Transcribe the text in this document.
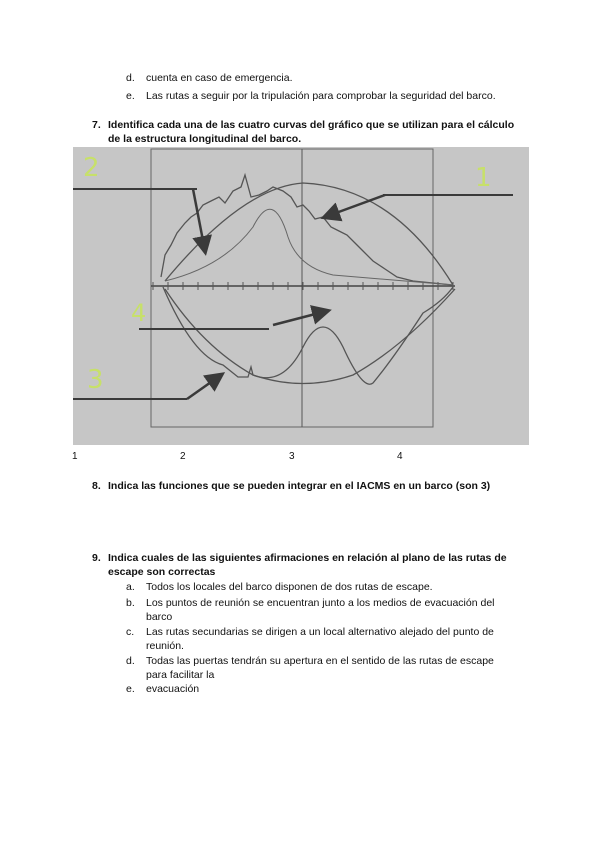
d.	cuenta en caso de emergencia.
e.	Las rutas a seguir por la tripulación para comprobar la seguridad del barco.
7. Identifica cada una de las cuatro curvas del gráfico que se utilizan para el cálculo de la estructura longitudinal del barco.
2	1
4
3
1	2	3	4
8. Indica las funciones que se pueden integrar en el IACMS en un barco (son 3)
9. Indica cuales de las siguientes afirmaciones en relación al plano de las rutas de escape son correctas
a.	Todos los locales del barco disponen de dos rutas de escape.
b.	Los puntos de reunión se encuentran junto a los medios de evacuación del
barco
c.	Las rutas secundarias se dirigen a un local alternativo alejado del punto de
reunión.
d.	Todas las puertas tendrán su apertura en el sentido de las rutas de escape
para facilitar la
e.	evacuación
